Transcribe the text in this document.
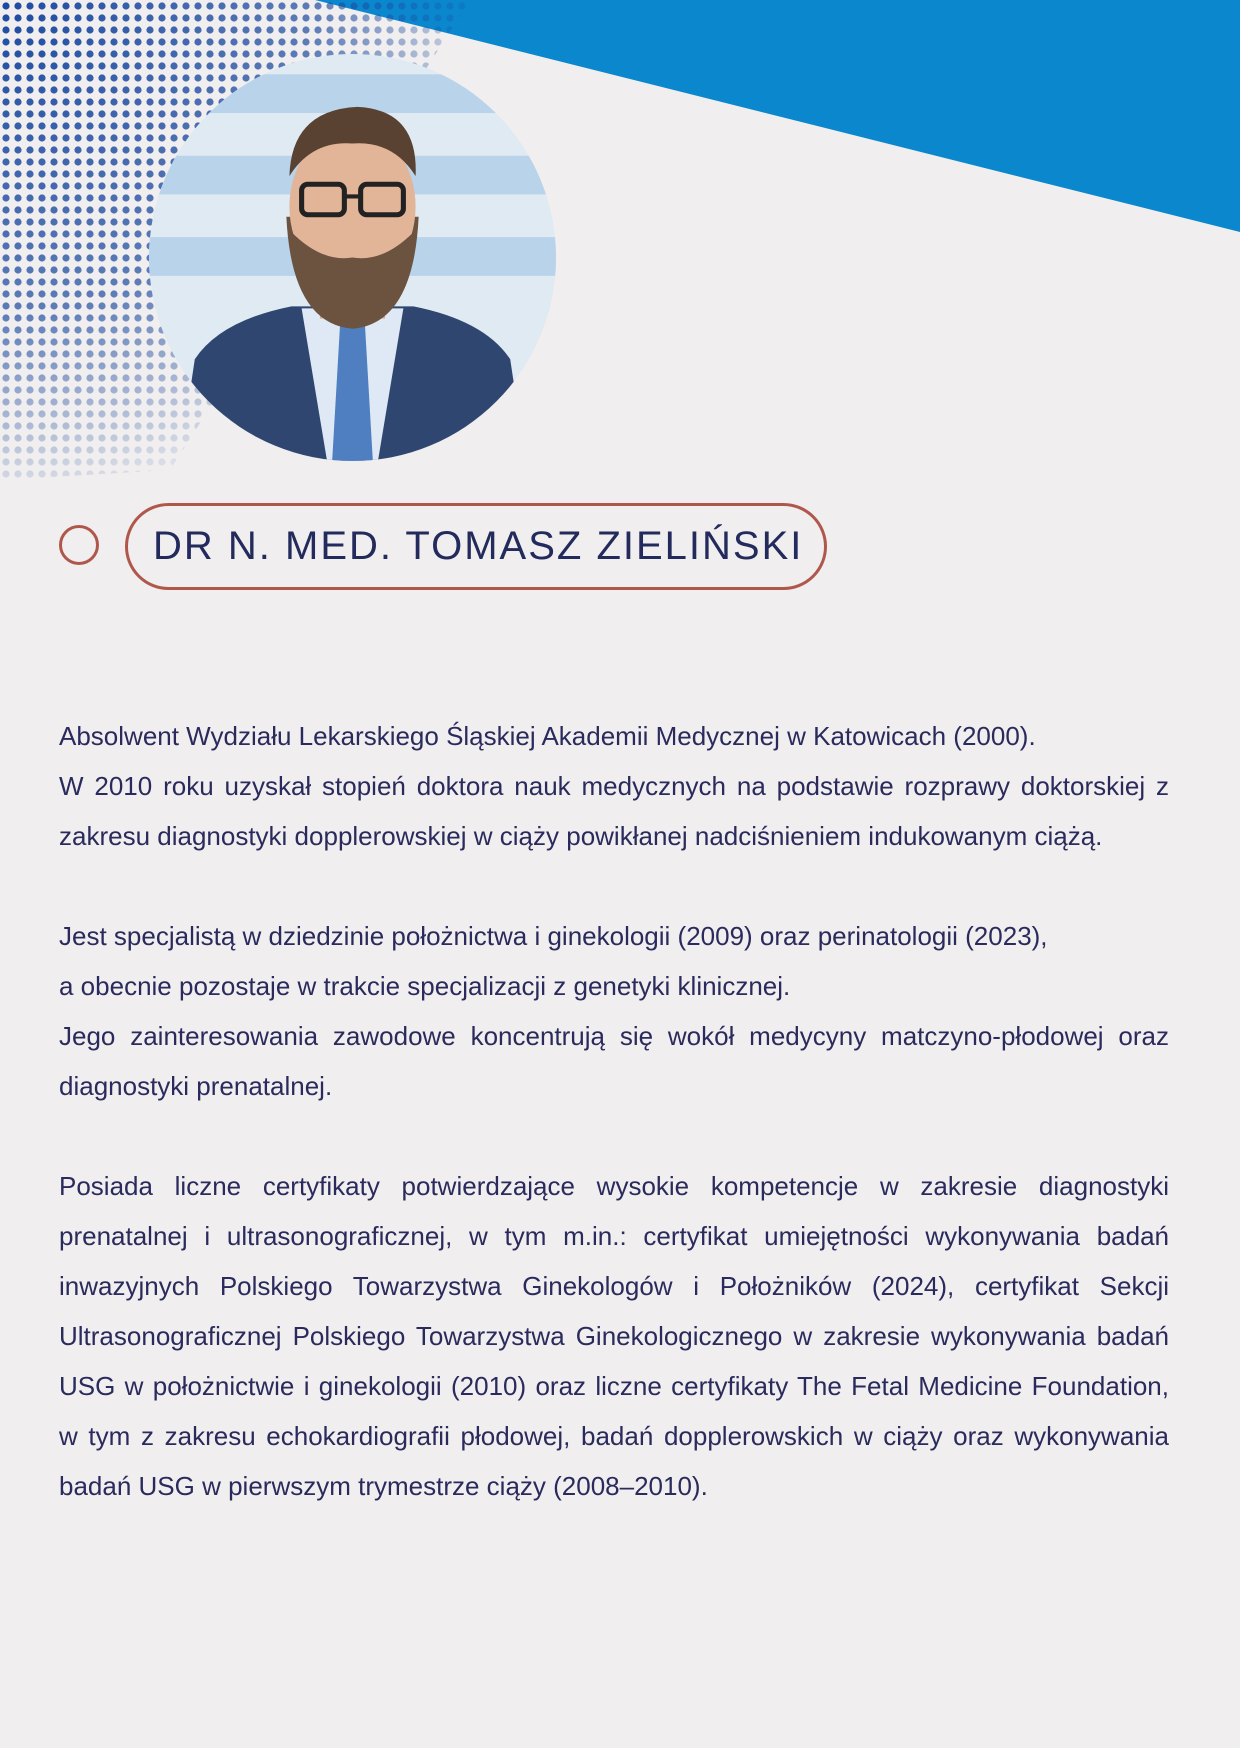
DR N. MED. TOMASZ ZIELIŃSKI

Absolwent Wydziału Lekarskiego Śląskiej Akademii Medycznej w Katowicach (2000).
W 2010 roku uzyskał stopień doktora nauk medycznych na podstawie rozprawy doktorskiej z zakresu diagnostyki dopplerowskiej w ciąży powikłanej nadciśnieniem indukowanym ciążą.

Jest specjalistą w dziedzinie położnictwa i ginekologii (2009) oraz perinatologii (2023),
a obecnie pozostaje w trakcie specjalizacji z genetyki klinicznej.
Jego zainteresowania zawodowe koncentrują się wokół medycyny matczyno-płodowej oraz diagnostyki prenatalnej.

Posiada liczne certyfikaty potwierdzające wysokie kompetencje w zakresie diagnostyki prenatalnej i ultrasonograficznej, w tym m.in.: certyfikat umiejętności wykonywania badań inwazyjnych Polskiego Towarzystwa Ginekologów i Położników (2024), certyfikat Sekcji Ultrasonograficznej Polskiego Towarzystwa Ginekologicznego w zakresie wykonywania badań USG w położnictwie i ginekologii (2010) oraz liczne certyfikaty The Fetal Medicine Foundation, w tym z zakresu echokardiografii płodowej, badań dopplerowskich w ciąży oraz wykonywania badań USG w pierwszym trymestrze ciąży (2008–2010).
